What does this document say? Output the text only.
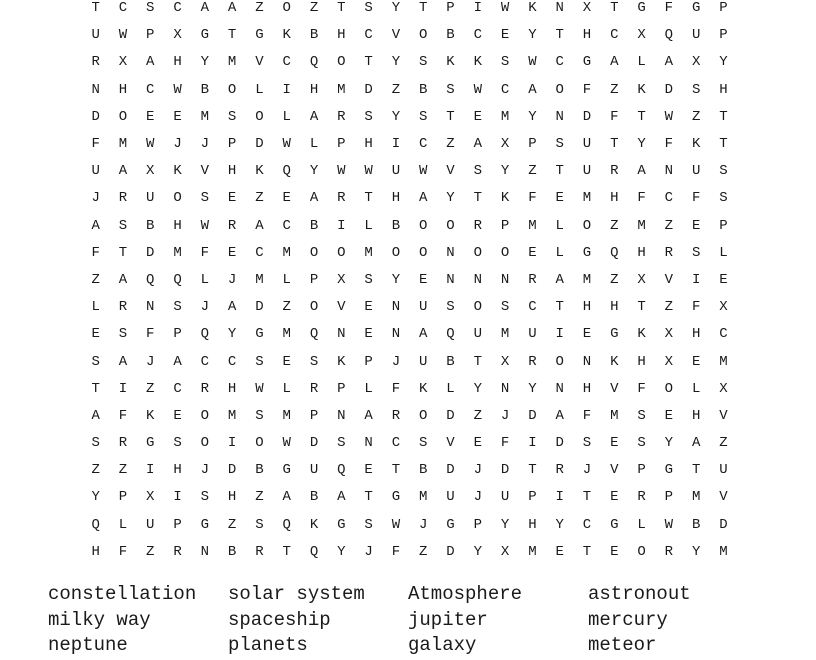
T	C	S	C	A	A	Z	O	Z	T	S	Y	T	P	I	W	K	N	X	T	G	F	G	P
U	W	P	X	G	T	G	K	B	H	C	V	O	B	C	E	Y	T	H	C	X	Q	U	P
R	X	A	H	Y	M	V	C	Q	O	T	Y	S	K	K	S	W	C	G	A	L	A	X	Y
N	H	C	W	B	O	L	I	H	M	D	Z	B	S	W	C	A	O	F	Z	K	D	S	H
D	O	E	E	M	S	O	L	A	R	S	Y	S	T	E	M	Y	N	D	F	T	W	Z	T
F	M	W	J	J	P	D	W	L	P	H	I	C	Z	A	X	P	S	U	T	Y	F	K	T
U	A	X	K	V	H	K	Q	Y	W	W	U	W	V	S	Y	Z	T	U	R	A	N	U	S
J	R	U	O	S	E	Z	E	A	R	T	H	A	Y	T	K	F	E	M	H	F	C	F	S
A	S	B	H	W	R	A	C	B	I	L	B	O	O	R	P	M	L	O	Z	M	Z	E	P
F	T	D	M	F	E	C	M	O	O	M	O	O	N	O	O	E	L	G	Q	H	R	S	L
Z	A	Q	Q	L	J	M	L	P	X	S	Y	E	N	N	N	R	A	M	Z	X	V	I	E
L	R	N	S	J	A	D	Z	O	V	E	N	U	S	O	S	C	T	H	H	T	Z	F	X
E	S	F	P	Q	Y	G	M	Q	N	E	N	A	Q	U	M	U	I	E	G	K	X	H	C
S	A	J	A	C	C	S	E	S	K	P	J	U	B	T	X	R	O	N	K	H	X	E	M
T	I	Z	C	R	H	W	L	R	P	L	F	K	L	Y	N	Y	N	H	V	F	O	L	X
A	F	K	E	O	M	S	M	P	N	A	R	O	D	Z	J	D	A	F	M	S	E	H	V
S	R	G	S	O	I	O	W	D	S	N	C	S	V	E	F	I	D	S	E	S	Y	A	Z
Z	Z	I	H	J	D	B	G	U	Q	E	T	B	D	J	D	T	R	J	V	P	G	T	U
Y	P	X	I	S	H	Z	A	B	A	T	G	M	U	J	U	P	I	T	E	R	P	M	V
Q	L	U	P	G	Z	S	Q	K	G	S	W	J	G	P	Y	H	Y	C	G	L	W	B	D
H	F	Z	R	N	B	R	T	Q	Y	J	F	Z	D	Y	X	M	E	T	E	O	R	Y	M
constellation	solar system	Atmosphere	astronout
milky way	spaceship	jupiter	mercury
neptune	planets	galaxy	meteor
